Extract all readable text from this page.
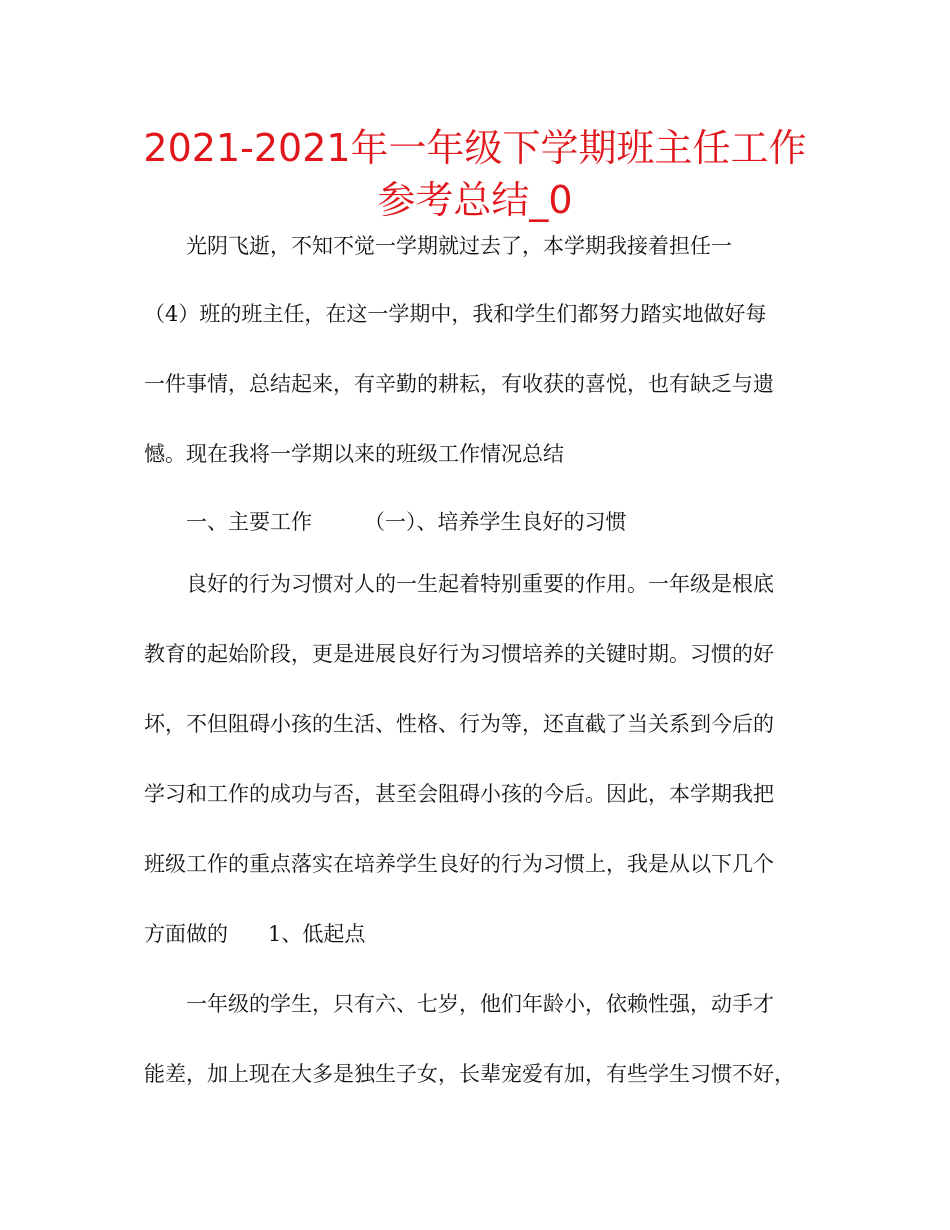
2021-2021年一年级下学期班主任工作参考总结_0

光阴飞逝，不知不觉一学期就过去了，本学期我接着担任一

（4）班的班主任，在这一学期中，我和学生们都努力踏实地做好每

一件事情，总结起来，有辛勤的耕耘，有收获的喜悦，也有缺乏与遗

憾。现在我将一学期以来的班级工作情况总结

一、主要工作 （一）、培养学生良好的习惯

良好的行为习惯对人的一生起着特别重要的作用。一年级是根底

教育的起始阶段，更是进展良好行为习惯培养的关键时期。习惯的好

坏，不但阻碍小孩的生活、性格、行为等，还直截了当关系到今后的

学习和工作的成功与否，甚至会阻碍小孩的今后。因此，本学期我把

班级工作的重点落实在培养学生良好的行为习惯上，我是从以下几个

方面做的 1、低起点

一年级的学生，只有六、七岁，他们年龄小，依赖性强，动手才

能差，加上现在大多是独生子女，长辈宠爱有加，有些学生习惯不好，
